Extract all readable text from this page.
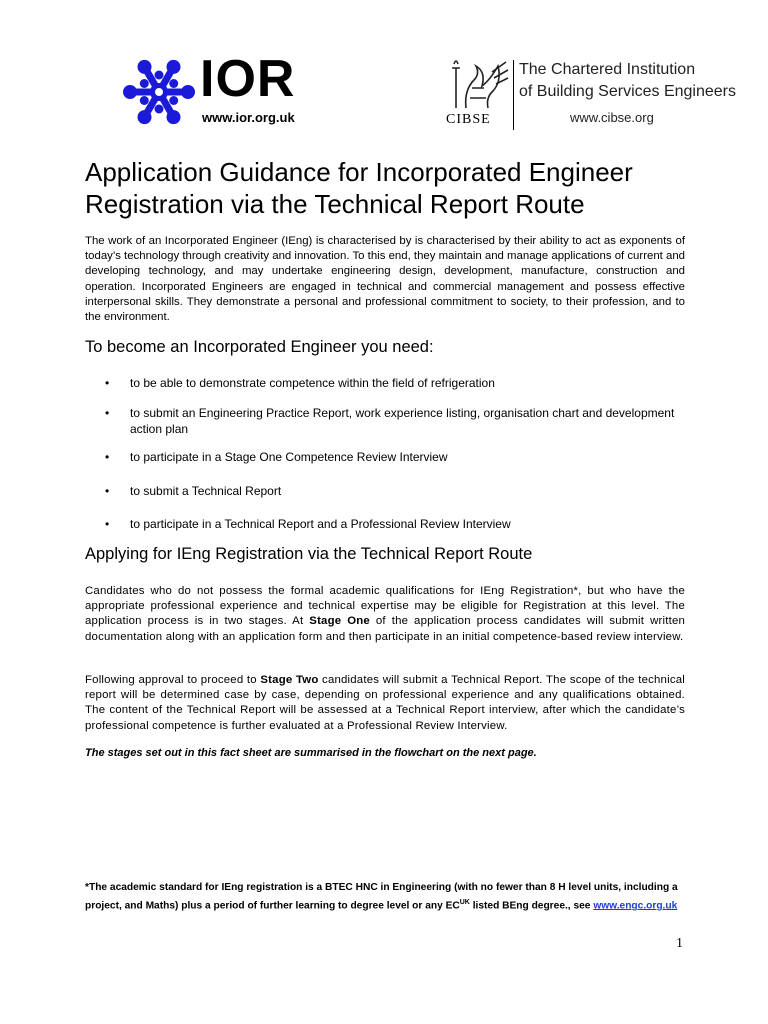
IOR
www.ior.org.uk	CIBSE
The Chartered Institution
of Building Services Engineers
www.cibse.org
Application Guidance for Incorporated Engineer Registration via the Technical Report Route
The work of an Incorporated Engineer (IEng) is characterised by is characterised by their ability to act as exponents of today’s technology through creativity and innovation. To this end, they maintain and manage applications of current and developing technology, and may undertake engineering design, development, manufacture, construction and operation. Incorporated Engineers are engaged in technical and commercial management and possess effective interpersonal skills. They demonstrate a personal and professional commitment to society, to their profession, and to the environment.
To become an Incorporated Engineer you need:
• to be able to demonstrate competence within the field of refrigeration
• to submit an Engineering Practice Report, work experience listing, organisation chart and development action plan
• to participate in a Stage One Competence Review Interview
• to submit a Technical Report
• to participate in a Technical Report and a Professional Review Interview
Applying for IEng Registration via the Technical Report Route
Candidates who do not possess the formal academic qualifications for IEng Registration*, but who have the appropriate professional experience and technical expertise may be eligible for Registration at this level. The application process is in two stages. At Stage One of the application process candidates will submit written documentation along with an application form and then participate in an initial competence-based review interview.
Following approval to proceed to Stage Two candidates will submit a Technical Report. The scope of the technical report will be determined case by case, depending on professional experience and any qualifications obtained. The content of the Technical Report will be assessed at a Technical Report interview, after which the candidate’s professional competence is further evaluated at a Professional Review Interview.
The stages set out in this fact sheet are summarised in the flowchart on the next page.
*The academic standard for IEng registration is a BTEC HNC in Engineering (with no fewer than 8 H level units, including a project, and Maths) plus a period of further learning to degree level or any $EC^{UK}$ listed BEng degree., see www.engc.org.uk
1
